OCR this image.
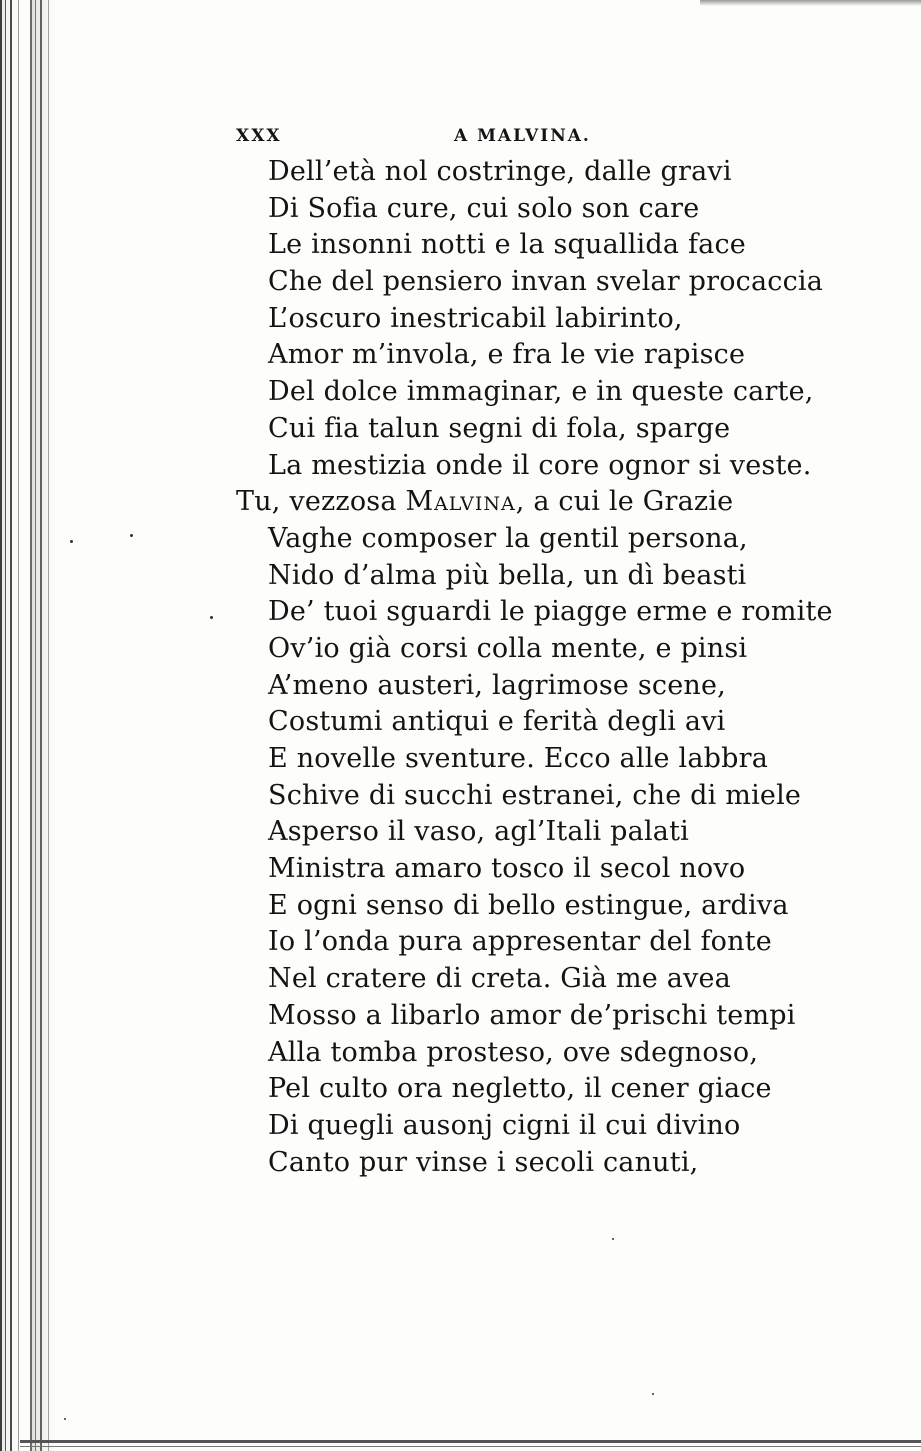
XXX	A MALVINA.
Dell’età nol costringe, dalle gravi
Di Sofia cure, cui solo son care
Le insonni notti e la squallida face
Che del pensiero invan svelar procaccia
L’oscuro inestricabil labirinto,
Amor m’invola, e fra le vie rapisce
Del dolce immaginar, e in queste carte,
Cui fia talun segni di fola, sparge
La mestizia onde il core ognor si veste.
Tu, vezzosa Malvina, a cui le Grazie
Vaghe composer la gentil persona,
Nido d’alma più bella, un dì beasti
De’ tuoi sguardi le piagge erme e romite
Ov’io già corsi colla mente, e pinsi
A’meno austeri, lagrimose scene,
Costumi antiqui e ferità degli avi
E novelle sventure. Ecco alle labbra
Schive di succhi estranei, che di miele
Asperso il vaso, agl’Itali palati
Ministra amaro tosco il secol novo
E ogni senso di bello estingue, ardiva
Io l’onda pura appresentar del fonte
Nel cratere di creta. Già me avea
Mosso a libarlo amor de’prischi tempi
Alla tomba prosteso, ove sdegnoso,
Pel culto ora negletto, il cener giace
Di quegli ausonj cigni il cui divino
Canto pur vinse i secoli canuti,
